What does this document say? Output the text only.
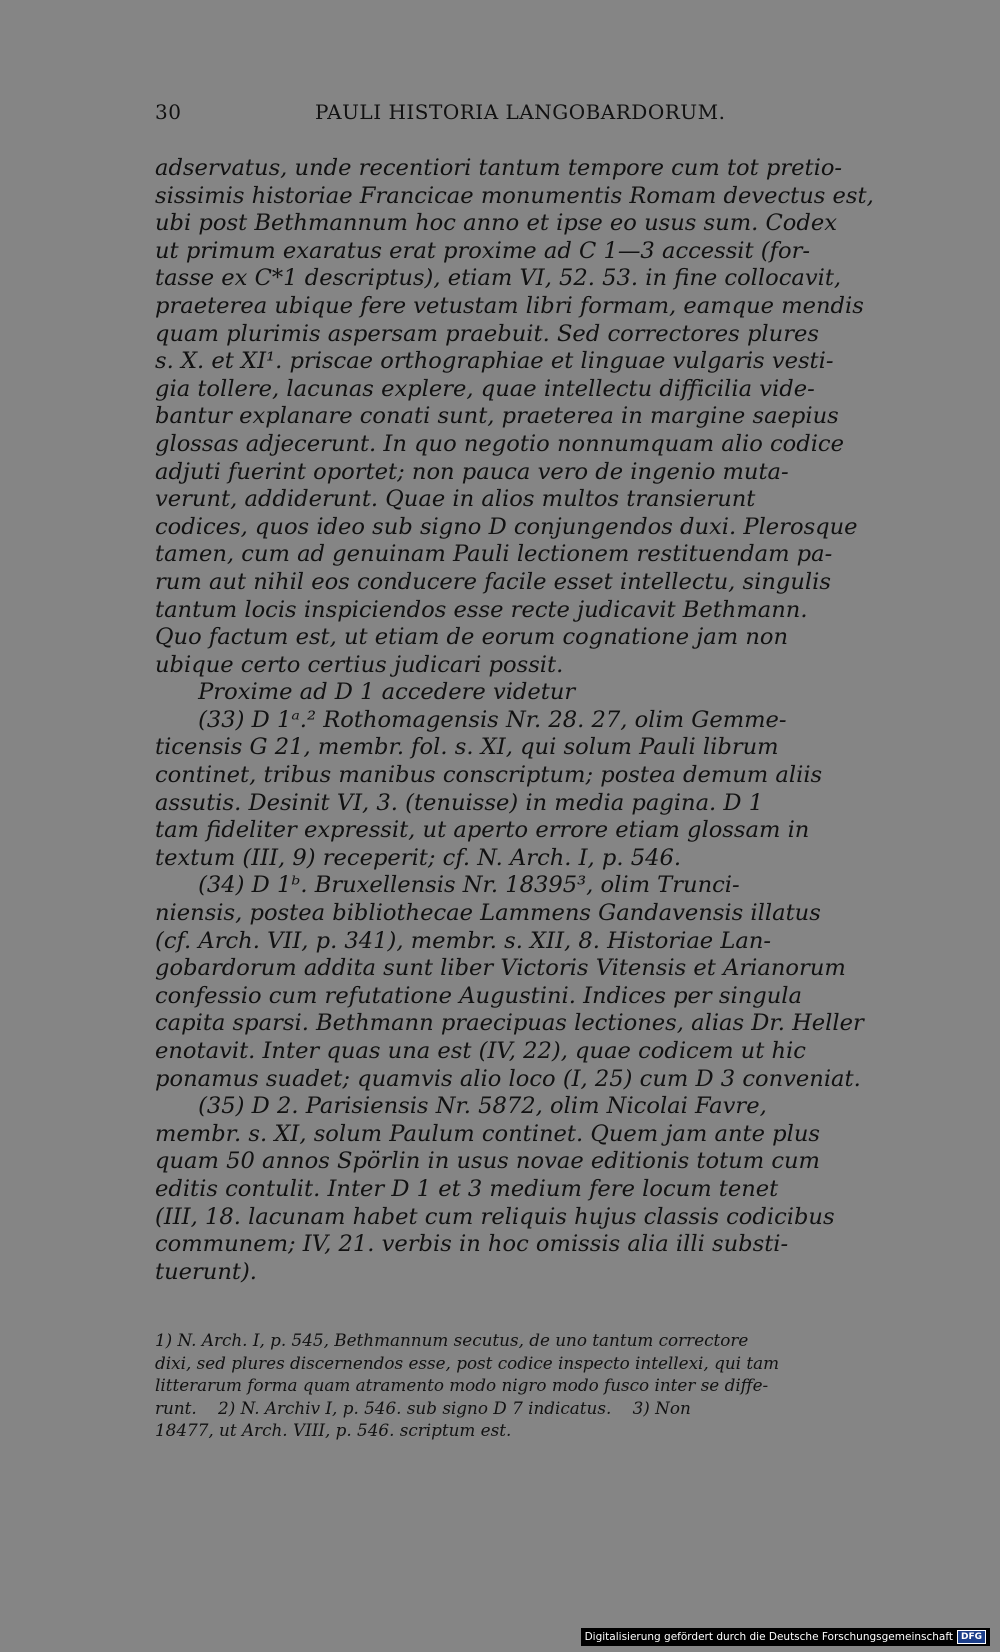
30	PAULI HISTORIA LANGOBARDORUM.
adservatus, unde recentiori tantum tempore cum tot pretio-
sissimis historiae Francicae monumentis Romam devectus est,
ubi post Bethmannum hoc anno et ipse eo usus sum. Codex
ut primum exaratus erat proxime ad C 1—3 accessit (for-
tasse ex C*1 descriptus), etiam VI, 52. 53. in fine collocavit,
praeterea ubique fere vetustam libri formam, eamque mendis
quam plurimis aspersam praebuit. Sed correctores plures
s. X. et XI¹. priscae orthographiae et linguae vulgaris vesti-
gia tollere, lacunas explere, quae intellectu difficilia vide-
bantur explanare conati sunt, praeterea in margine saepius
glossas adjecerunt. In quo negotio nonnumquam alio codice
adjuti fuerint oportet; non pauca vero de ingenio muta-
verunt, addiderunt. Quae in alios multos transierunt
codices, quos ideo sub signo D conjungendos duxi. Plerosque
tamen, cum ad genuinam Pauli lectionem restituendam pa-
rum aut nihil eos conducere facile esset intellectu, singulis
tantum locis inspiciendos esse recte judicavit Bethmann.
Quo factum est, ut etiam de eorum cognatione jam non
ubique certo certius judicari possit.
Proxime ad D 1 accedere videtur
(33) D 1ᵃ.² Rothomagensis Nr. 28. 27, olim Gemme-
ticensis G 21, membr. fol. s. XI, qui solum Pauli librum
continet, tribus manibus conscriptum; postea demum aliis
assutis. Desinit VI, 3. (tenuisse) in media pagina. D 1
tam fideliter expressit, ut aperto errore etiam glossam in
textum (III, 9) receperit; cf. N. Arch. I, p. 546.
(34) D 1ᵇ. Bruxellensis Nr. 18395³, olim Trunci-
niensis, postea bibliothecae Lammens Gandavensis illatus
(cf. Arch. VII, p. 341), membr. s. XII, 8. Historiae Lan-
gobardorum addita sunt liber Victoris Vitensis et Arianorum
confessio cum refutatione Augustini. Indices per singula
capita sparsi. Bethmann praecipuas lectiones, alias Dr. Heller
enotavit. Inter quas una est (IV, 22), quae codicem ut hic
ponamus suadet; quamvis alio loco (I, 25) cum D 3 conveniat.
(35) D 2. Parisiensis Nr. 5872, olim Nicolai Favre,
membr. s. XI, solum Paulum continet. Quem jam ante plus
quam 50 annos Spörlin in usus novae editionis totum cum
editis contulit. Inter D 1 et 3 medium fere locum tenet
(III, 18. lacunam habet cum reliquis hujus classis codicibus
communem; IV, 21. verbis in hoc omissis alia illi substi-
tuerunt).
1) N. Arch. I, p. 545, Bethmannum secutus, de uno tantum correctore
dixi, sed plures discernendos esse, post codice inspecto intellexi, qui tam
litterarum forma quam atramento modo nigro modo fusco inter se diffe-
runt.    2) N. Archiv I, p. 546. sub signo D 7 indicatus.    3) Non
18477, ut Arch. VIII, p. 546. scriptum est.
Digitalisierung gefördert durch die Deutsche Forschungsgemeinschaft DFG
